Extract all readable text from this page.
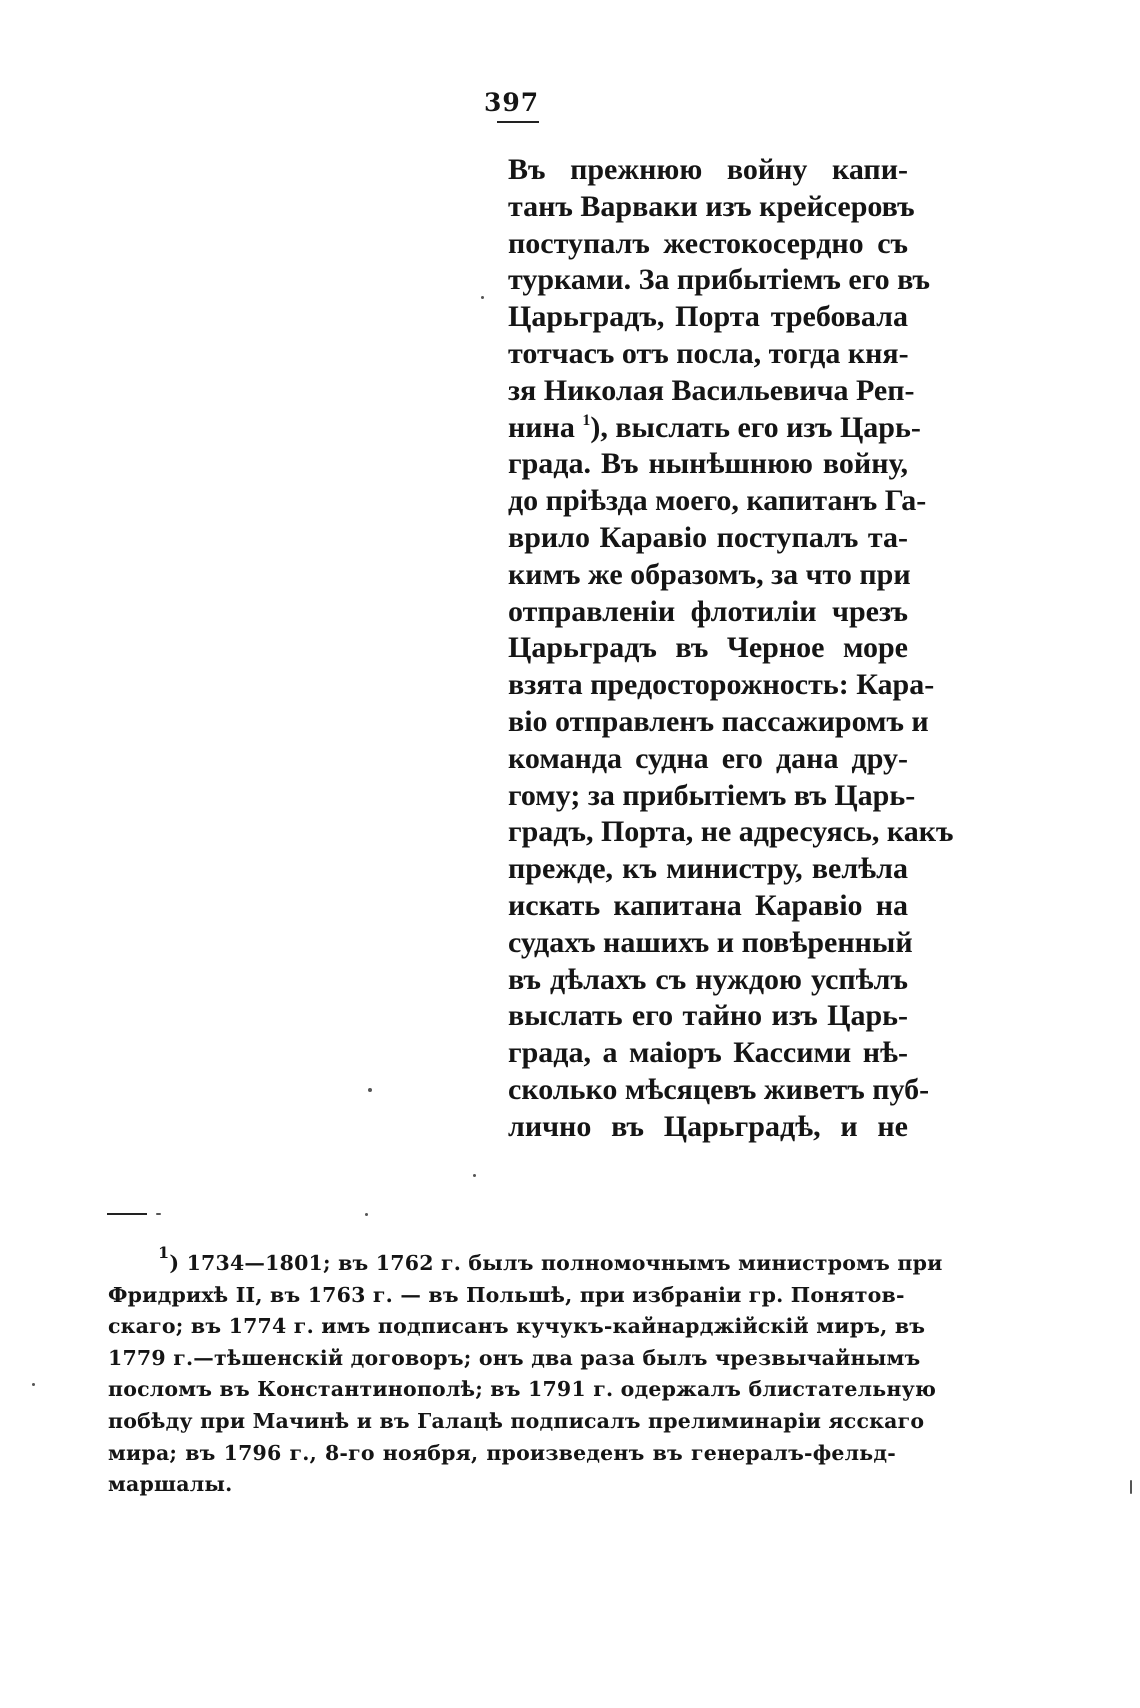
397
Въ прежнюю войну капи-
танъ Варваки изъ крейсеровъ
поступалъ жестокосердно съ
турками. За прибытіемъ его въ
Царьградъ, Порта требовала
тотчасъ отъ посла, тогда кня-
зя Николая Васильевича Реп-
нина $^1$), выслать его изъ Царь-
града. Въ нынѣшнюю войну,
до пріѣзда моего, капитанъ Га-
врило Каравіо поступалъ та-
кимъ же образомъ, за что при
отправленіи флотиліи чрезъ
Царьградъ въ Черное море
взята предосторожность: Кара-
віо отправленъ пассажиромъ и
команда судна его дана дру-
гому; за прибытіемъ въ Царь-
градъ, Порта, не адресуясь, какъ
прежде, къ министру, велѣла
искать капитана Каравіо на
судахъ нашихъ и повѣренный
въ дѣлахъ съ нуждою успѣлъ
выслать его тайно изъ Царь-
града, а маіоръ Кассими нѣ-
сколько мѣсяцевъ живетъ пуб-
лично въ Царьградѣ, и не
$^1$) 1734—1801; въ 1762 г. былъ полномочнымъ министромъ при
Фридрихѣ II, въ 1763 г. — въ Польшѣ, при избраніи гр. Понятов-
скаго; въ 1774 г. имъ подписанъ кучукъ-кайнарджійскій миръ, въ
1779 г.—тѣшенскій договоръ; онъ два раза былъ чрезвычайнымъ
посломъ въ Константинополѣ; въ 1791 г. одержалъ блистательную
побѣду при Мачинѣ и въ Галацѣ подписалъ прелиминаріи ясскаго
мира; въ 1796 г., 8-го ноября, произведенъ въ генералъ-фельд-
маршалы.
